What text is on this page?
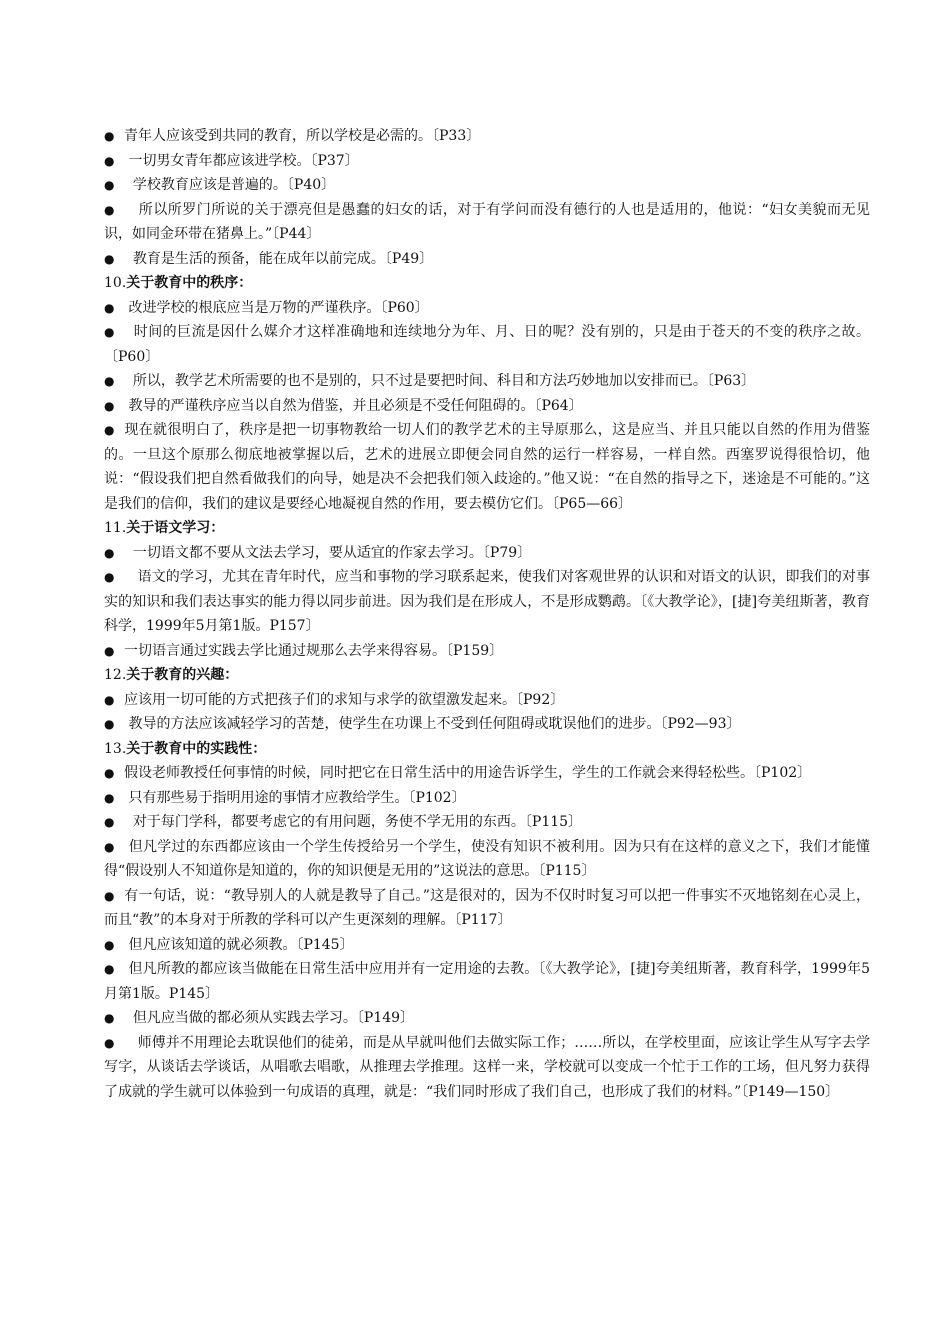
● 青年人应该受到共同的教育，所以学校是必需的。〔P33〕

● 一切男女青年都应该进学校。〔P37〕

●  学校教育应该是普遍的。〔P40〕

●   所以所罗门所说的关于漂亮但是愚蠢的妇女的话，对于有学问而没有德行的人也是适用的，他说：“妇女美貌而无见识，如同金环带在猪鼻上。”〔P44〕

●  教育是生活的预备，能在成年以前完成。〔P49〕

10.关于教育中的秩序：

● 改进学校的根底应当是万物的严谨秩序。〔P60〕

●  时间的巨流是因什么媒介才这样准确地和连续地分为年、月、日的呢？没有别的，只是由于苍天的不变的秩序之故。〔P60〕

●  所以，教学艺术所需要的也不是别的，只不过是要把时间、科目和方法巧妙地加以安排而已。〔P63〕

● 教导的严谨秩序应当以自然为借鉴，并且必须是不受任何阻碍的。〔P64〕

● 现在就很明白了，秩序是把一切事物教给一切人们的教学艺术的主导原那么，这是应当、并且只能以自然的作用为借鉴的。一旦这个原那么彻底地被掌握以后，艺术的进展立即便会同自然的运行一样容易，一样自然。西塞罗说得很恰切，他说：“假设我们把自然看做我们的向导，她是决不会把我们领入歧途的。”他又说：“在自然的指导之下，迷途是不可能的。”这是我们的信仰，我们的建议是要经心地凝视自然的作用，要去模仿它们。〔P65—66〕

11.关于语文学习：

●  一切语文都不要从文法去学习，要从适宜的作家去学习。〔P79〕

●   语文的学习，尤其在青年时代，应当和事物的学习联系起来，使我们对客观世界的认识和对语文的认识，即我们的对事实的知识和我们表达事实的能力得以同步前进。因为我们是在形成人，不是形成鹦鹉。〔《大教学论》，[捷]夸美纽斯著，教育科学，1999年5月第1版。P157〕

● 一切语言通过实践去学比通过规那么去学来得容易。〔P159〕

12.关于教育的兴趣：

● 应该用一切可能的方式把孩子们的求知与求学的欲望激发起来。〔P92〕

● 教导的方法应该减轻学习的苦楚，使学生在功课上不受到任何阻碍或耽误他们的进步。〔P92—93〕

13.关于教育中的实践性：

● 假设老师教授任何事情的时候，同时把它在日常生活中的用途告诉学生，学生的工作就会来得轻松些。〔P102〕

● 只有那些易于指明用途的事情才应教给学生。〔P102〕

●  对于每门学科，都要考虑它的有用问题，务使不学无用的东西。〔P115〕

● 但凡学过的东西都应该由一个学生传授给另一个学生，使没有知识不被利用。因为只有在这样的意义之下，我们才能懂得“假设别人不知道你是知道的，你的知识便是无用的”这说法的意思。〔P115〕

● 有一句话，说：“教导别人的人就是教导了自己。”这是很对的，因为不仅时时复习可以把一件事实不灭地铭刻在心灵上，而且“教”的本身对于所教的学科可以产生更深刻的理解。〔P117〕

● 但凡应该知道的就必须教。〔P145〕

● 但凡所教的都应该当做能在日常生活中应用并有一定用途的去教。〔《大教学论》，[捷]夸美纽斯著，教育科学，1999年5月第1版。P145〕

●  但凡应当做的都必须从实践去学习。〔P149〕

●   师傅并不用理论去耽误他们的徒弟，而是从早就叫他们去做实际工作；……所以，在学校里面，应该让学生从写字去学写字，从谈话去学谈话，从唱歌去唱歌，从推理去学推理。这样一来，学校就可以变成一个忙于工作的工场，但凡努力获得了成就的学生就可以体验到一句成语的真理，就是：“我们同时形成了我们自己，也形成了我们的材料。”〔P149—150〕
